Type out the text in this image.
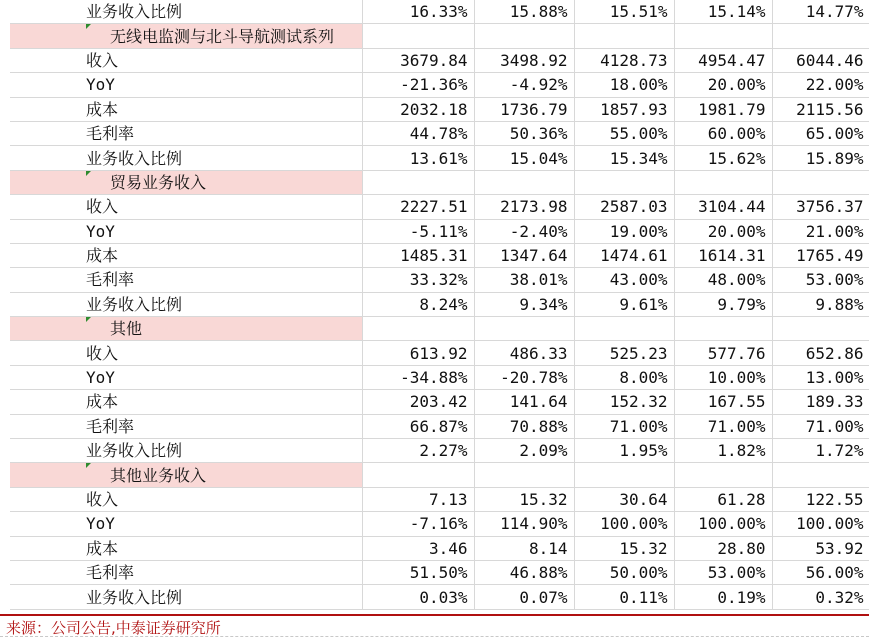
业务收入比例	16.33%	15.88%	15.51%	15.14%	14.77%
无线电监测与北斗导航测试系列

收入	3679.84	3498.92	4128.73	4954.47	6044.46
YoY	-21.36%	-4.92%	18.00%	20.00%	22.00%
成本	2032.18	1736.79	1857.93	1981.79	2115.56
毛利率	44.78%	50.36%	55.00%	60.00%	65.00%
业务收入比例	13.61%	15.04%	15.34%	15.62%	15.89%
贸易业务收入

收入	2227.51	2173.98	2587.03	3104.44	3756.37
YoY	-5.11%	-2.40%	19.00%	20.00%	21.00%
成本	1485.31	1347.64	1474.61	1614.31	1765.49
毛利率	33.32%	38.01%	43.00%	48.00%	53.00%
业务收入比例	8.24%	9.34%	9.61%	9.79%	9.88%
其他

收入	613.92	486.33	525.23	577.76	652.86
YoY	-34.88%	-20.78%	8.00%	10.00%	13.00%
成本	203.42	141.64	152.32	167.55	189.33
毛利率	66.87%	70.88%	71.00%	71.00%	71.00%
业务收入比例	2.27%	2.09%	1.95%	1.82%	1.72%
其他业务收入

收入	7.13	15.32	30.64	61.28	122.55
YoY	-7.16%	114.90%	100.00%	100.00%	100.00%
成本	3.46	8.14	15.32	28.80	53.92
毛利率	51.50%	46.88%	50.00%	53.00%	56.00%
业务收入比例	0.03%	0.07%	0.11%	0.19%	0.32%
来源：公司公告,中泰证券研究所
